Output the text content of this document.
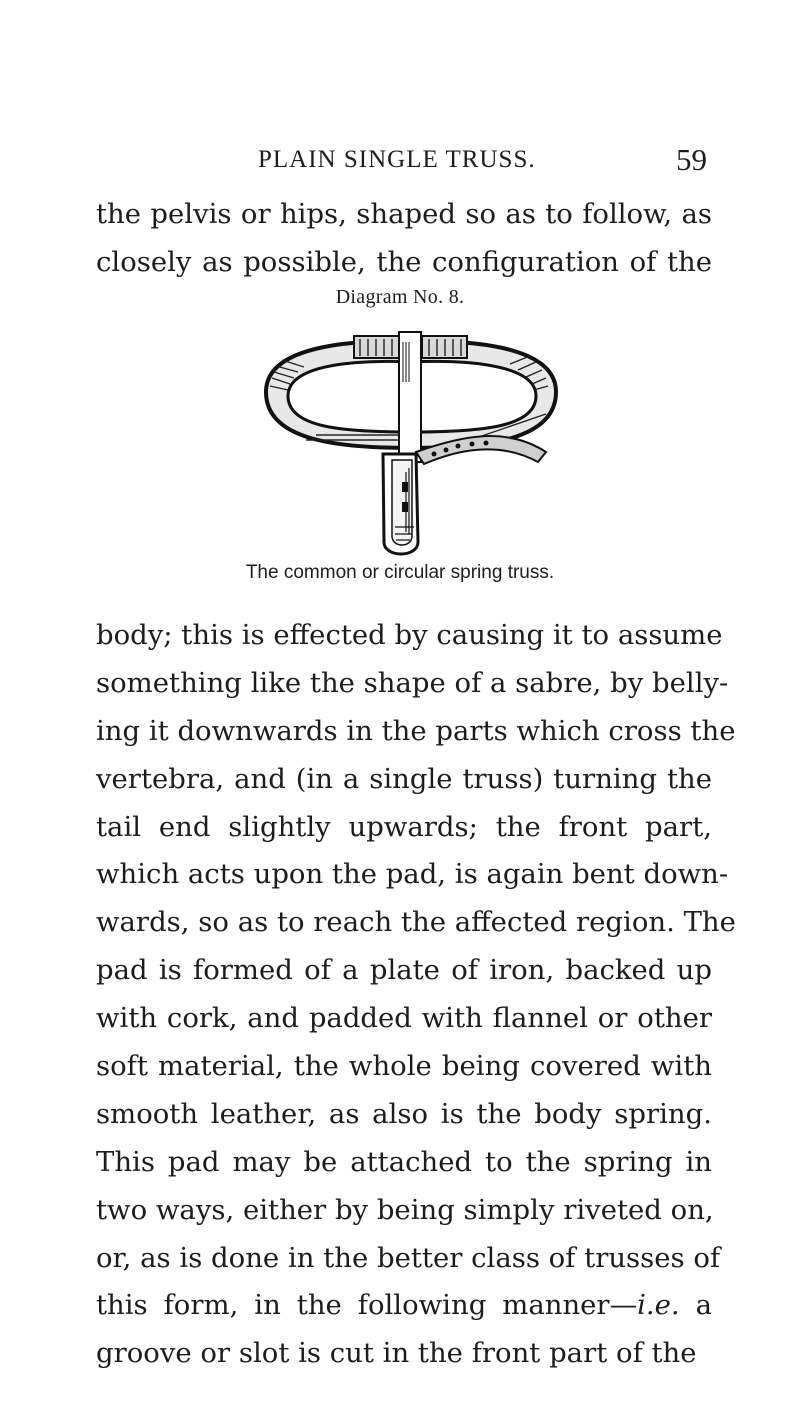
PLAIN SINGLE TRUSS.	59
the pelvis or hips, shaped so as to follow, as
closely as possible, the configuration of the
Diagram No. 8.
The common or circular spring truss.
body; this is effected by causing it to assume
something like the shape of a sabre, by belly-
ing it downwards in the parts which cross the
vertebra, and (in a single truss) turning the
tail end slightly upwards; the front part,
which acts upon the pad, is again bent down-
wards, so as to reach the affected region. The
pad is formed of a plate of iron, backed up
with cork, and padded with flannel or other
soft material, the whole being covered with
smooth leather, as also is the body spring.
This pad may be attached to the spring in
two ways, either by being simply riveted on,
or, as is done in the better class of trusses of
this form, in the following manner—i.e. a
groove or slot is cut in the front part of the
